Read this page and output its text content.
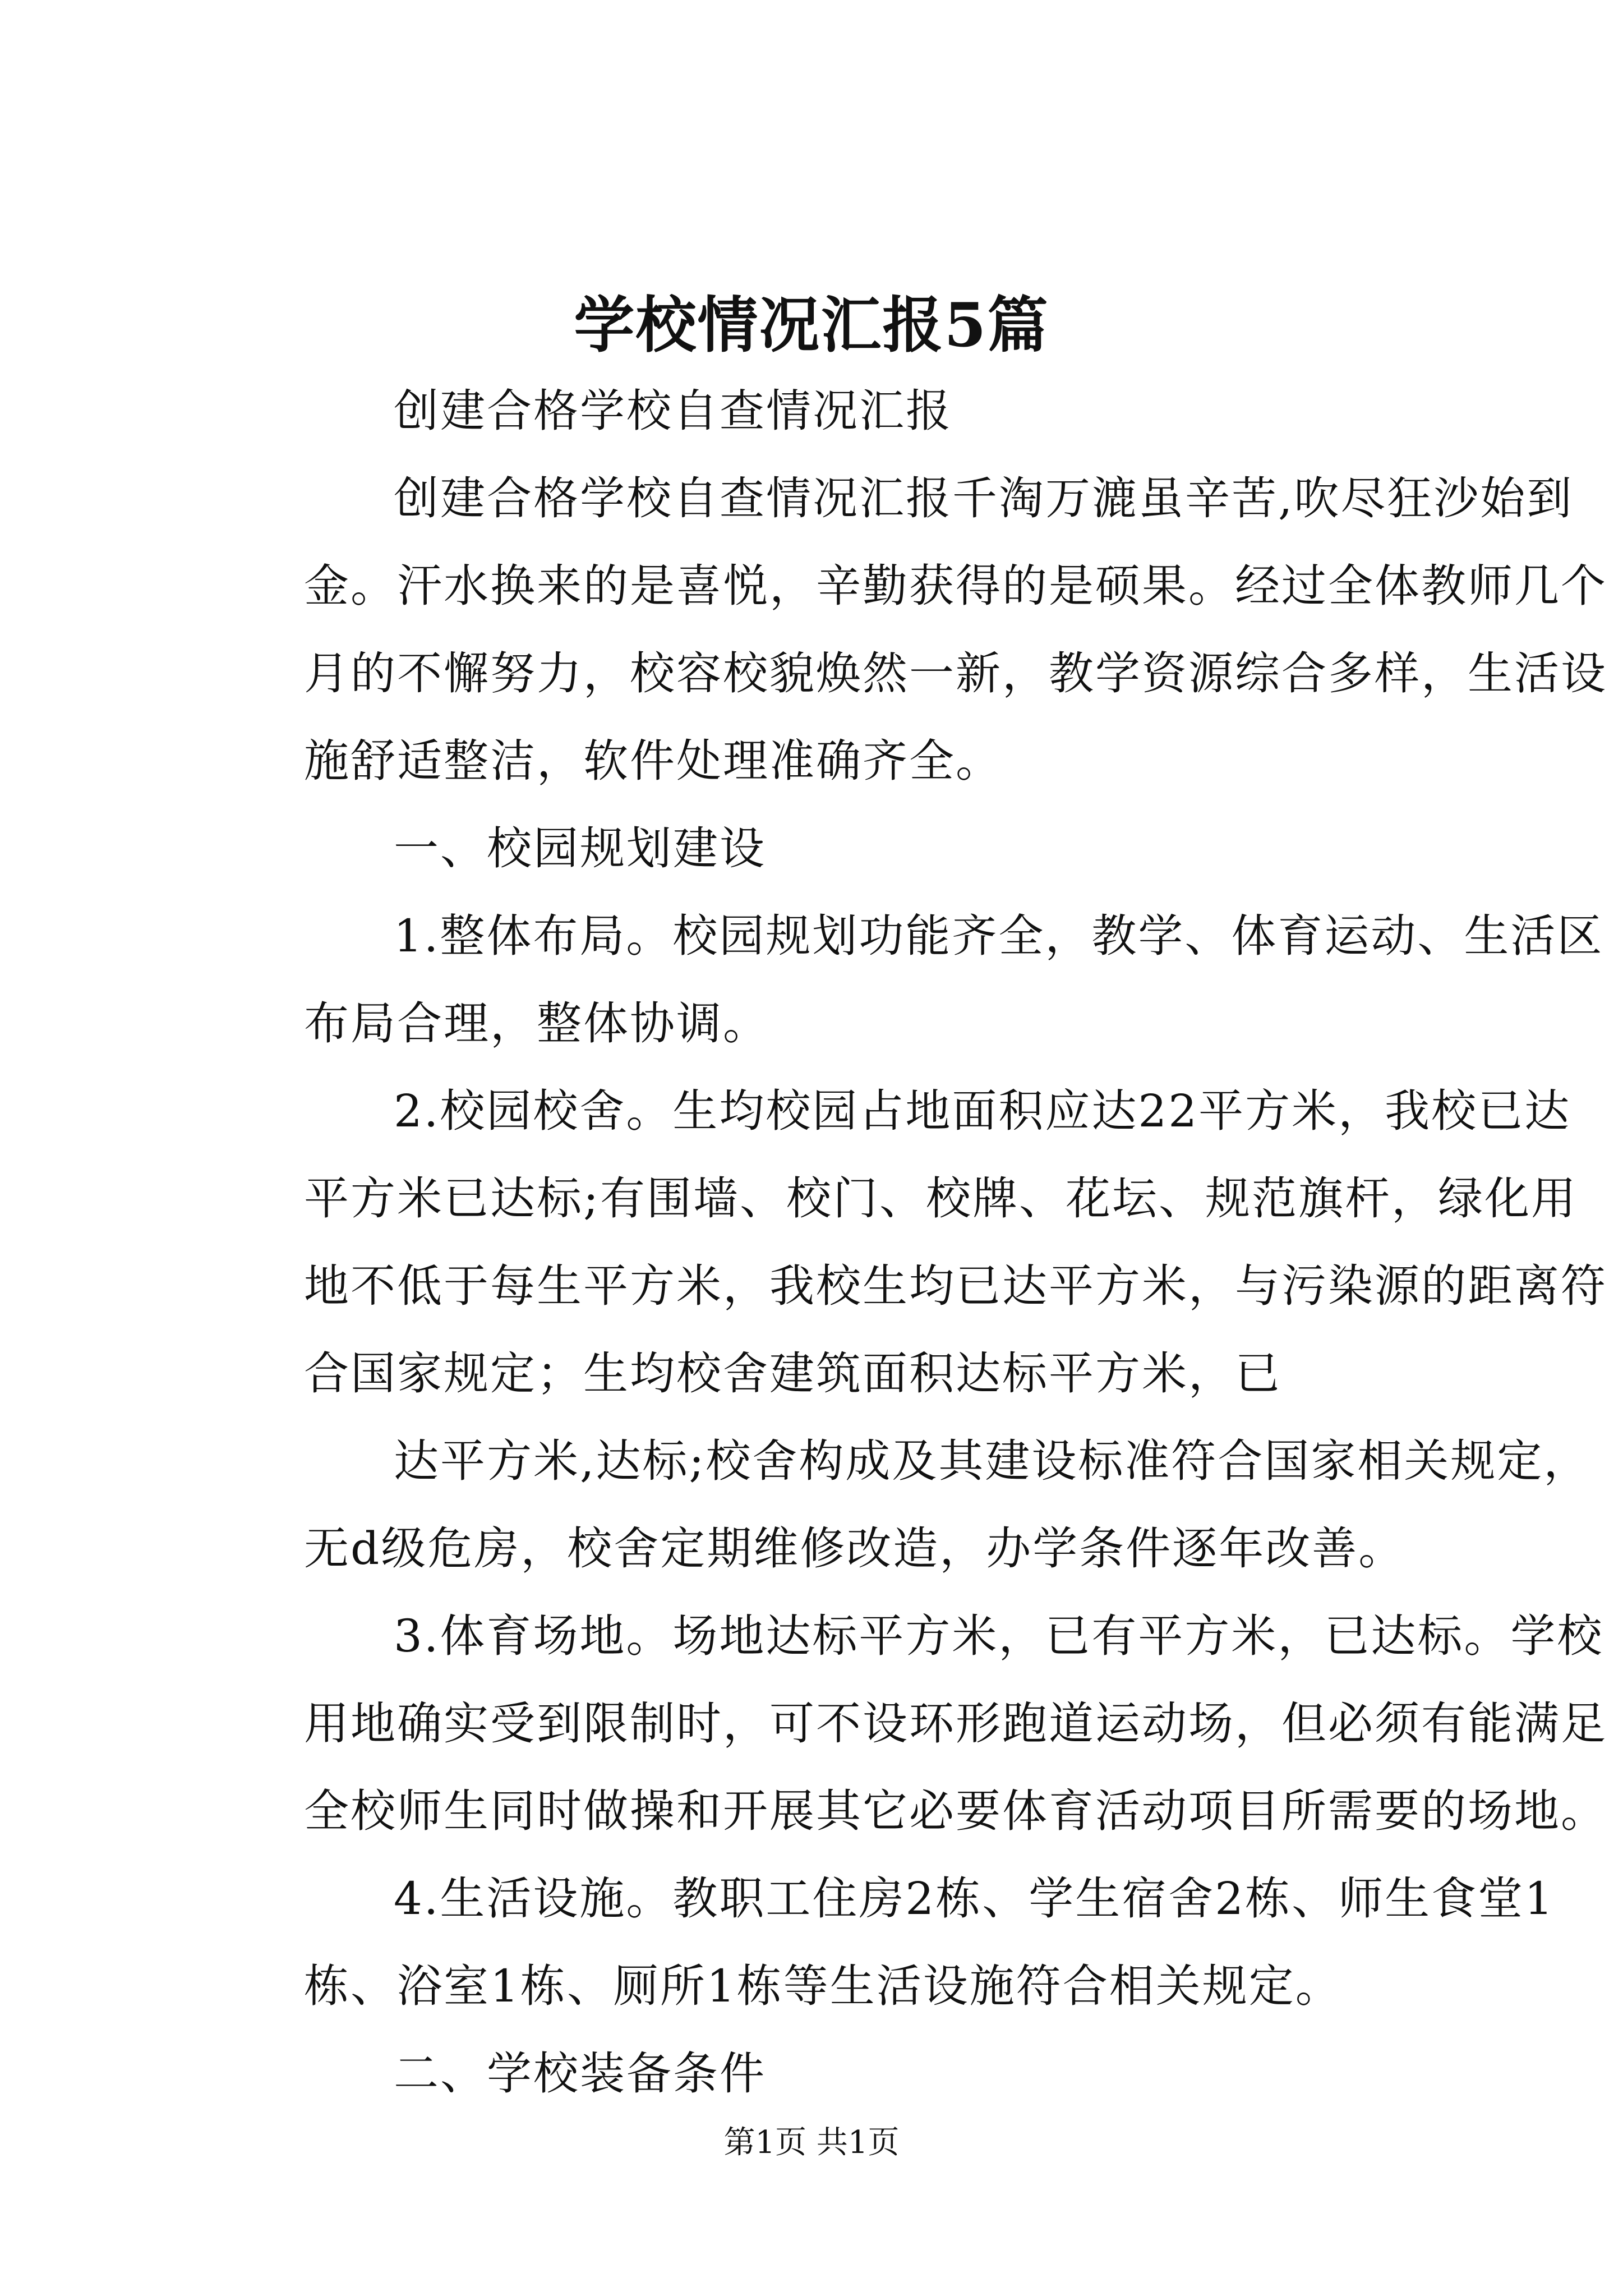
学校情况汇报5篇

创建合格学校自查情况汇报

创建合格学校自查情况汇报千淘万漉虽辛苦,吹尽狂沙始到
金。汗水换来的是喜悦，辛勤获得的是硕果。经过全体教师几个
月的不懈努力，校容校貌焕然一新，教学资源综合多样，生活设
施舒适整洁，软件处理准确齐全。

一、校园规划建设

1.整体布局。校园规划功能齐全，教学、体育运动、生活区
布局合理，整体协调。

2.校园校舍。生均校园占地面积应达22平方米，我校已达
平方米已达标;有围墙、校门、校牌、花坛、规范旗杆，绿化用
地不低于每生平方米，我校生均已达平方米，与污染源的距离符
合国家规定；生均校舍建筑面积达标平方米，已

达平方米,达标;校舍构成及其建设标准符合国家相关规定，
无d级危房，校舍定期维修改造，办学条件逐年改善。

3.体育场地。场地达标平方米，已有平方米，已达标。学校
用地确实受到限制时，可不设环形跑道运动场，但必须有能满足
全校师生同时做操和开展其它必要体育活动项目所需要的场地。

4.生活设施。教职工住房2栋、学生宿舍2栋、师生食堂1
栋、浴室1栋、厕所1栋等生活设施符合相关规定。

二、学校装备条件

第1页 共1页
